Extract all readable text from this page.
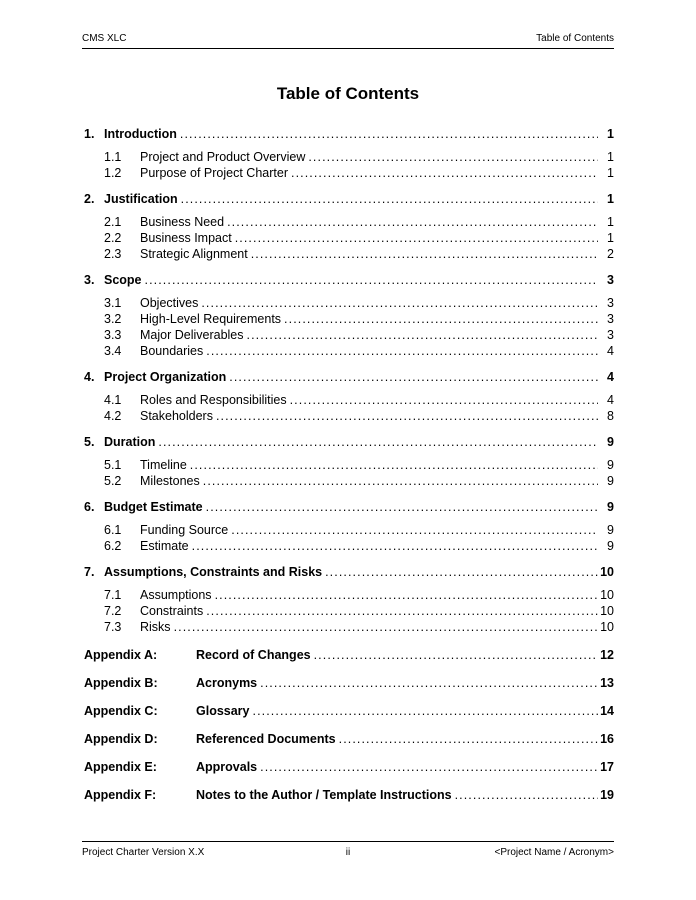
CMS XLC	Table of Contents
Table of Contents
1. Introduction .....	1
1.1	Project and Product Overview .....	1
1.2	Purpose of Project Charter .....	1
2. Justification .....	1
2.1	Business Need .....	1
2.2	Business Impact .....	1
2.3	Strategic Alignment .....	2
3. Scope .....	3
3.1	Objectives .....	3
3.2	High-Level Requirements .....	3
3.3	Major Deliverables .....	3
3.4	Boundaries .....	4
4. Project Organization .....	4
4.1	Roles and Responsibilities .....	4
4.2	Stakeholders .....	8
5. Duration .....	9
5.1	Timeline .....	9
5.2	Milestones .....	9
6. Budget Estimate .....	9
6.1	Funding Source .....	9
6.2	Estimate .....	9
7. Assumptions, Constraints and Risks .....	10
7.1	Assumptions .....	10
7.2	Constraints .....	10
7.3	Risks .....	10
Appendix A:	Record of Changes .....	12
Appendix B:	Acronyms .....	13
Appendix C:	Glossary .....	14
Appendix D:	Referenced Documents .....	16
Appendix E:	Approvals .....	17
Appendix F:	Notes to the Author / Template Instructions .....	19
Project Charter Version X.X	ii	<Project Name / Acronym>
